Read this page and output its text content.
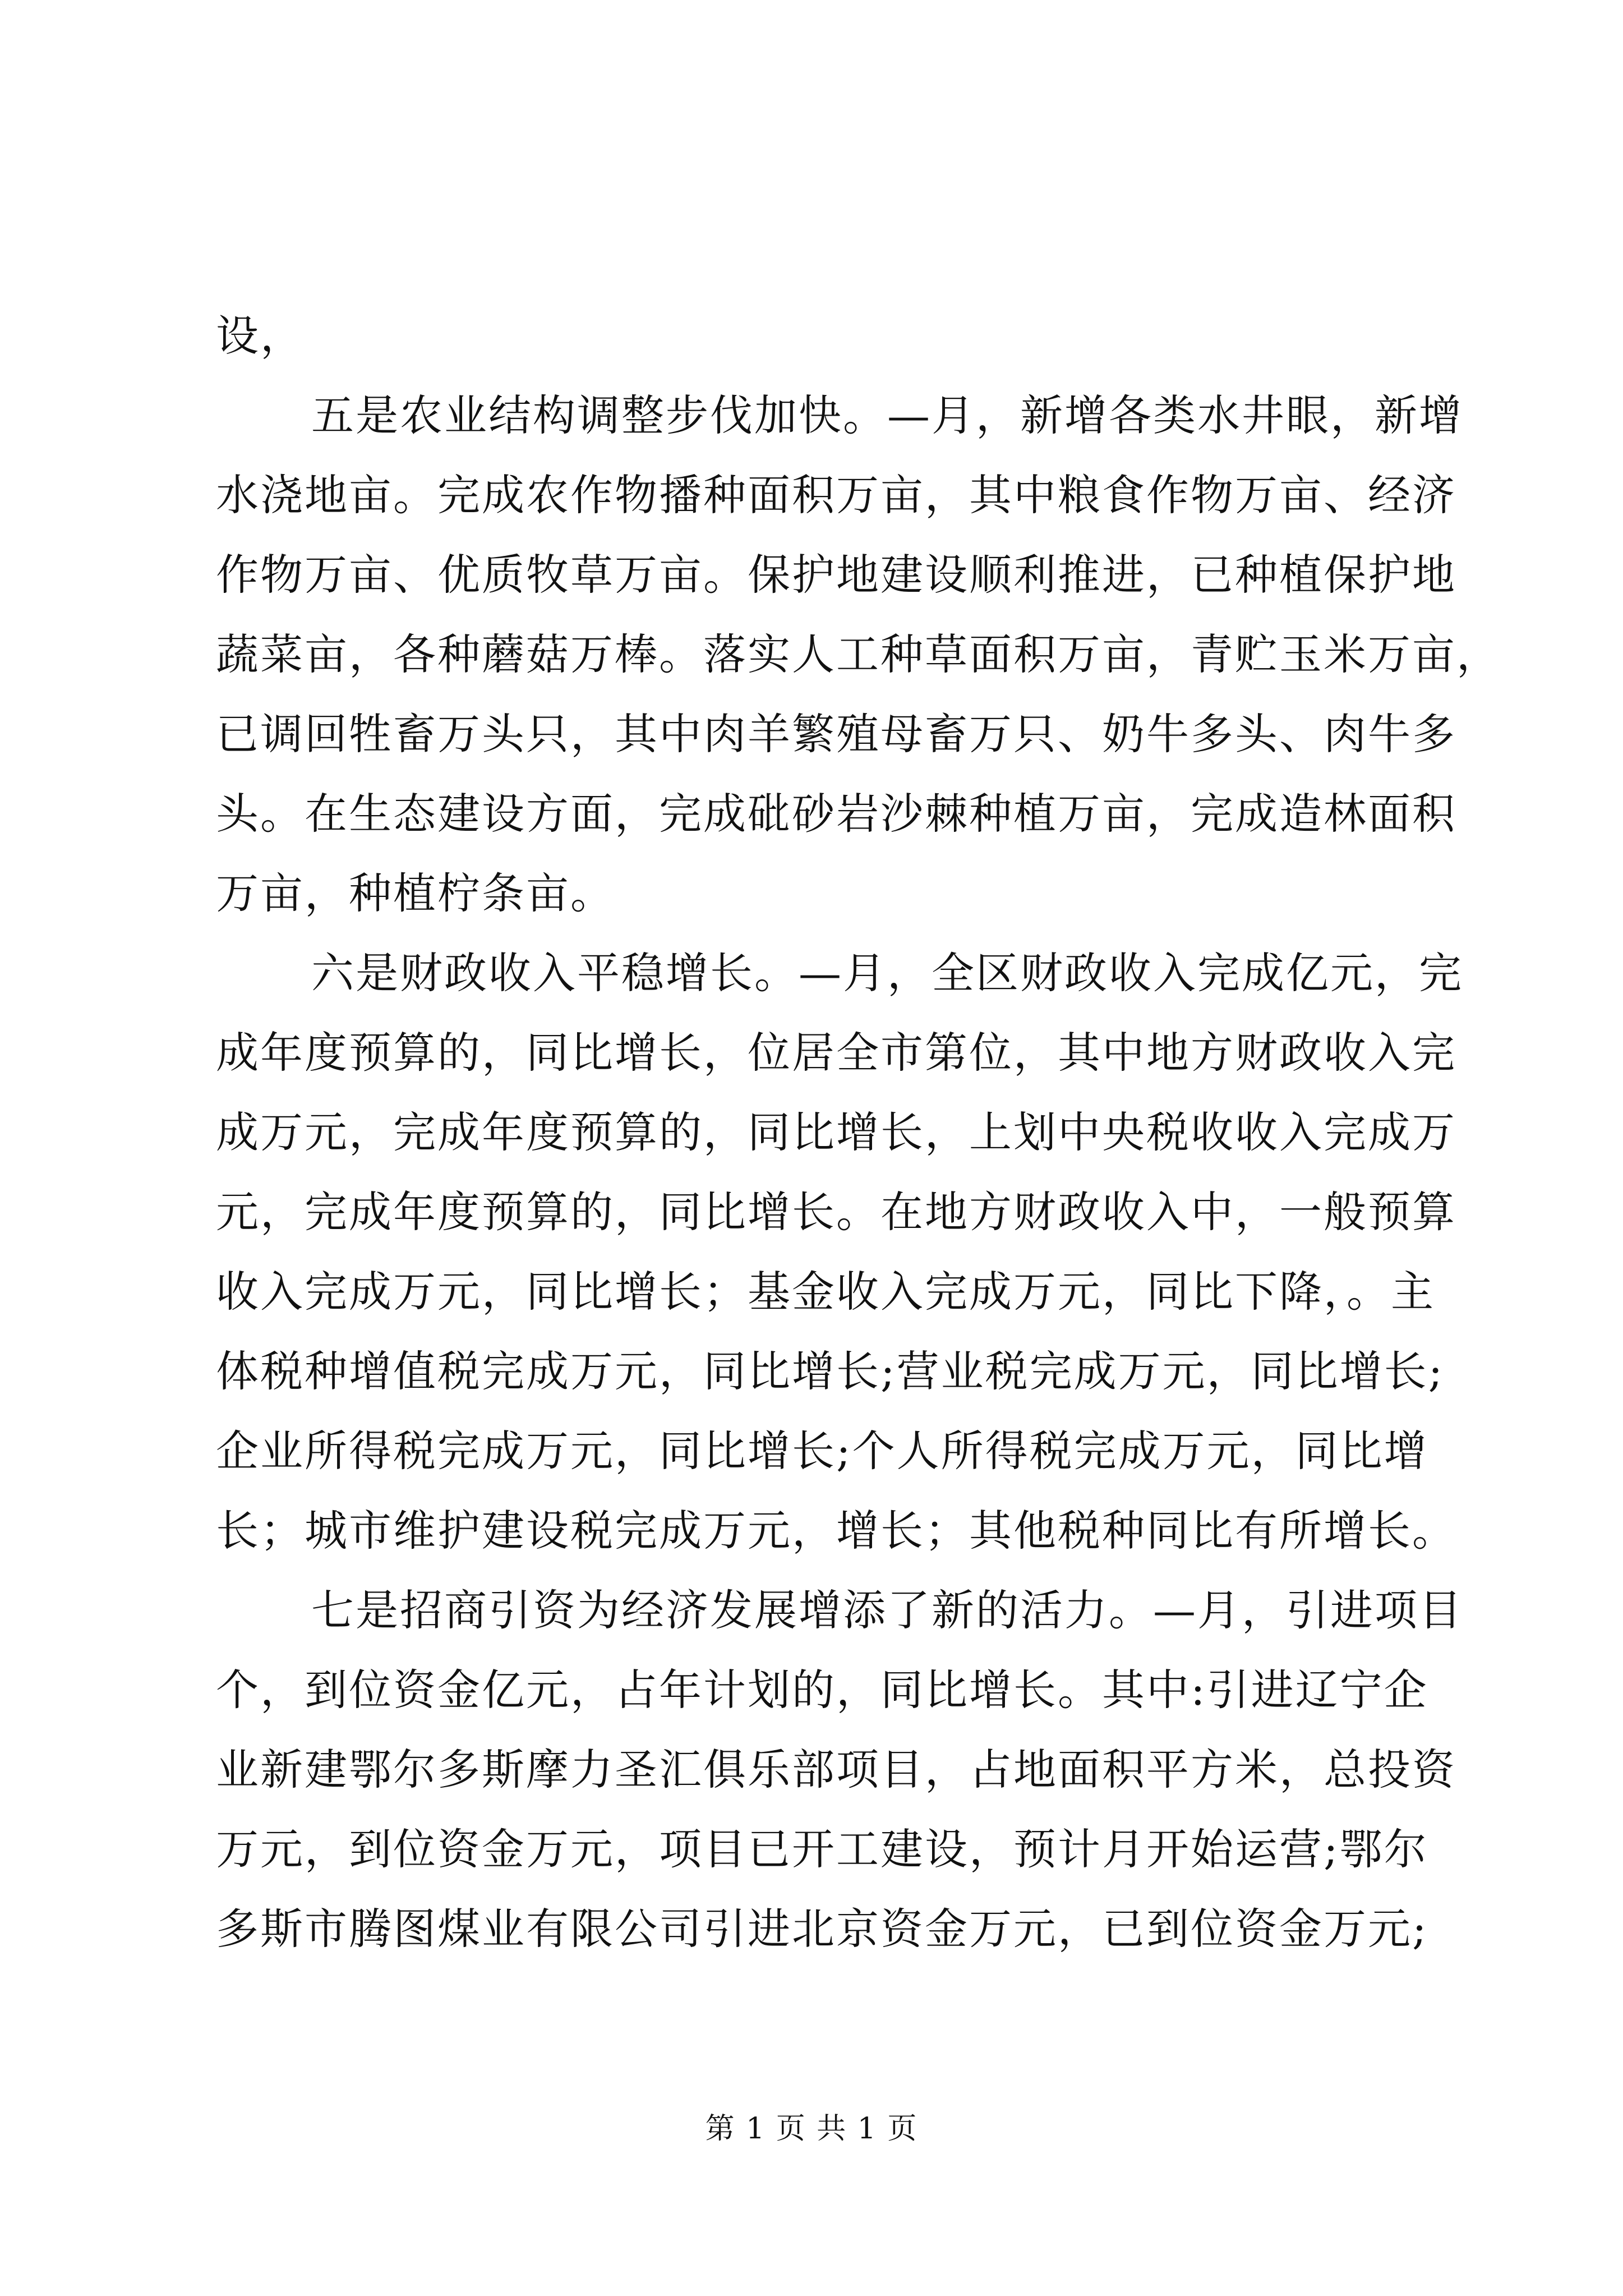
设，
五是农业结构调整步伐加快。—月，新增各类水井眼，新增
水浇地亩。完成农作物播种面积万亩，其中粮食作物万亩、经济
作物万亩、优质牧草万亩。保护地建设顺利推进，已种植保护地
蔬菜亩，各种蘑菇万棒。落实人工种草面积万亩，青贮玉米万亩，
已调回牲畜万头只，其中肉羊繁殖母畜万只、奶牛多头、肉牛多
头。在生态建设方面，完成砒砂岩沙棘种植万亩，完成造林面积
万亩，种植柠条亩。
六是财政收入平稳增长。—月，全区财政收入完成亿元，完
成年度预算的，同比增长，位居全市第位，其中地方财政收入完
成万元，完成年度预算的，同比增长，上划中央税收收入完成万
元，完成年度预算的，同比增长。在地方财政收入中，一般预算
收入完成万元，同比增长；基金收入完成万元，同比下降，。主
体税种增值税完成万元，同比增长;营业税完成万元，同比增长;
企业所得税完成万元，同比增长;个人所得税完成万元，同比增
长；城市维护建设税完成万元，增长；其他税种同比有所增长。
七是招商引资为经济发展增添了新的活力。—月，引进项目
个，到位资金亿元，占年计划的，同比增长。其中:引进辽宁企
业新建鄂尔多斯摩力圣汇俱乐部项目，占地面积平方米，总投资
万元，到位资金万元，项目已开工建设，预计月开始运营;鄂尔
多斯市腾图煤业有限公司引进北京资金万元，已到位资金万元;
第 1 页 共 1 页
